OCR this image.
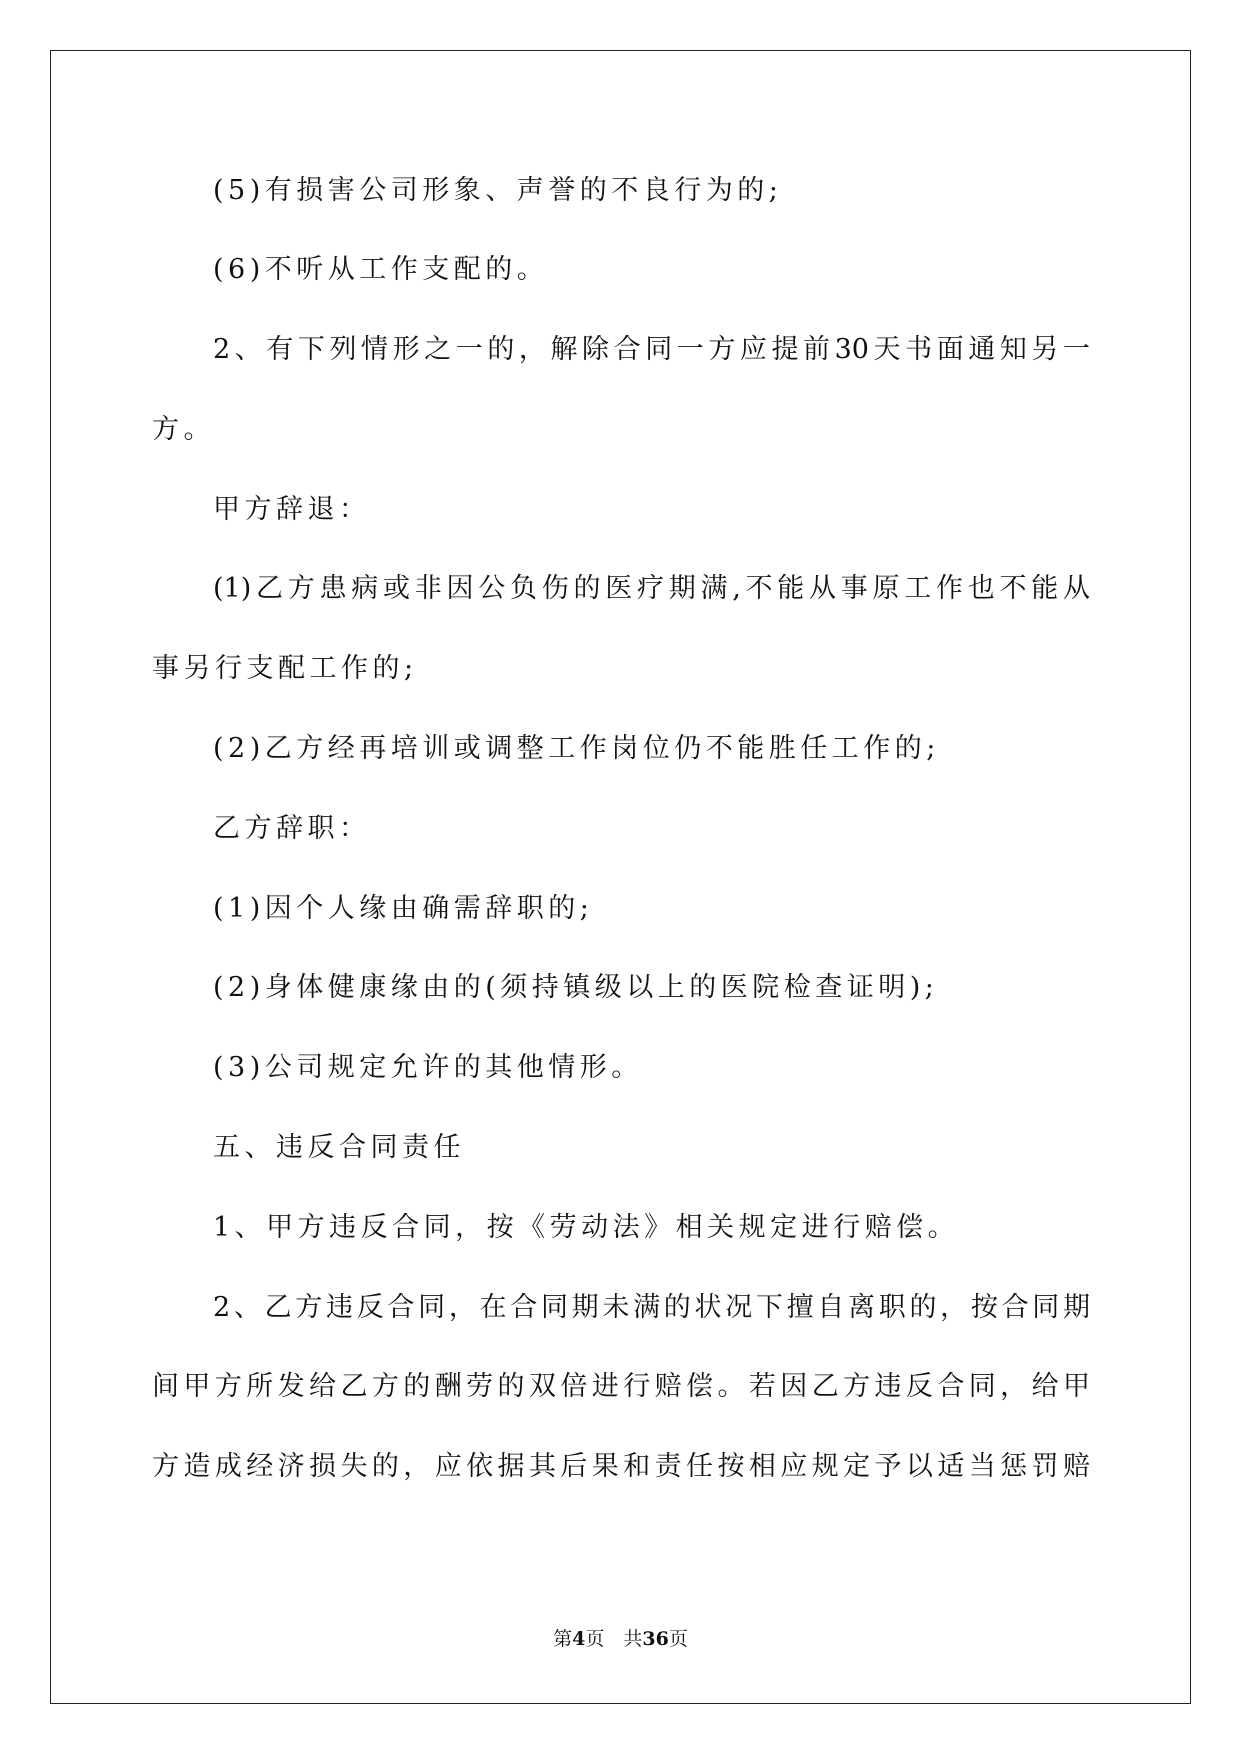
(5)有损害公司形象、声誉的不良行为的;
(6)不听从工作支配的。
2、有下列情形之一的，解除合同一方应提前30天书面通知另一
方。
甲方辞退：
(1)乙方患病或非因公负伤的医疗期满,不能从事原工作也不能从
事另行支配工作的;
(2)乙方经再培训或调整工作岗位仍不能胜任工作的;
乙方辞职：
(1)因个人缘由确需辞职的;
(2)身体健康缘由的(须持镇级以上的医院检查证明);
(3)公司规定允许的其他情形。
五、违反合同责任
1、甲方违反合同，按《劳动法》相关规定进行赔偿。
2、乙方违反合同，在合同期未满的状况下擅自离职的，按合同期
间甲方所发给乙方的酬劳的双倍进行赔偿。若因乙方违反合同，给甲
方造成经济损失的，应依据其后果和责任按相应规定予以适当惩罚赔
第4页　共36页
